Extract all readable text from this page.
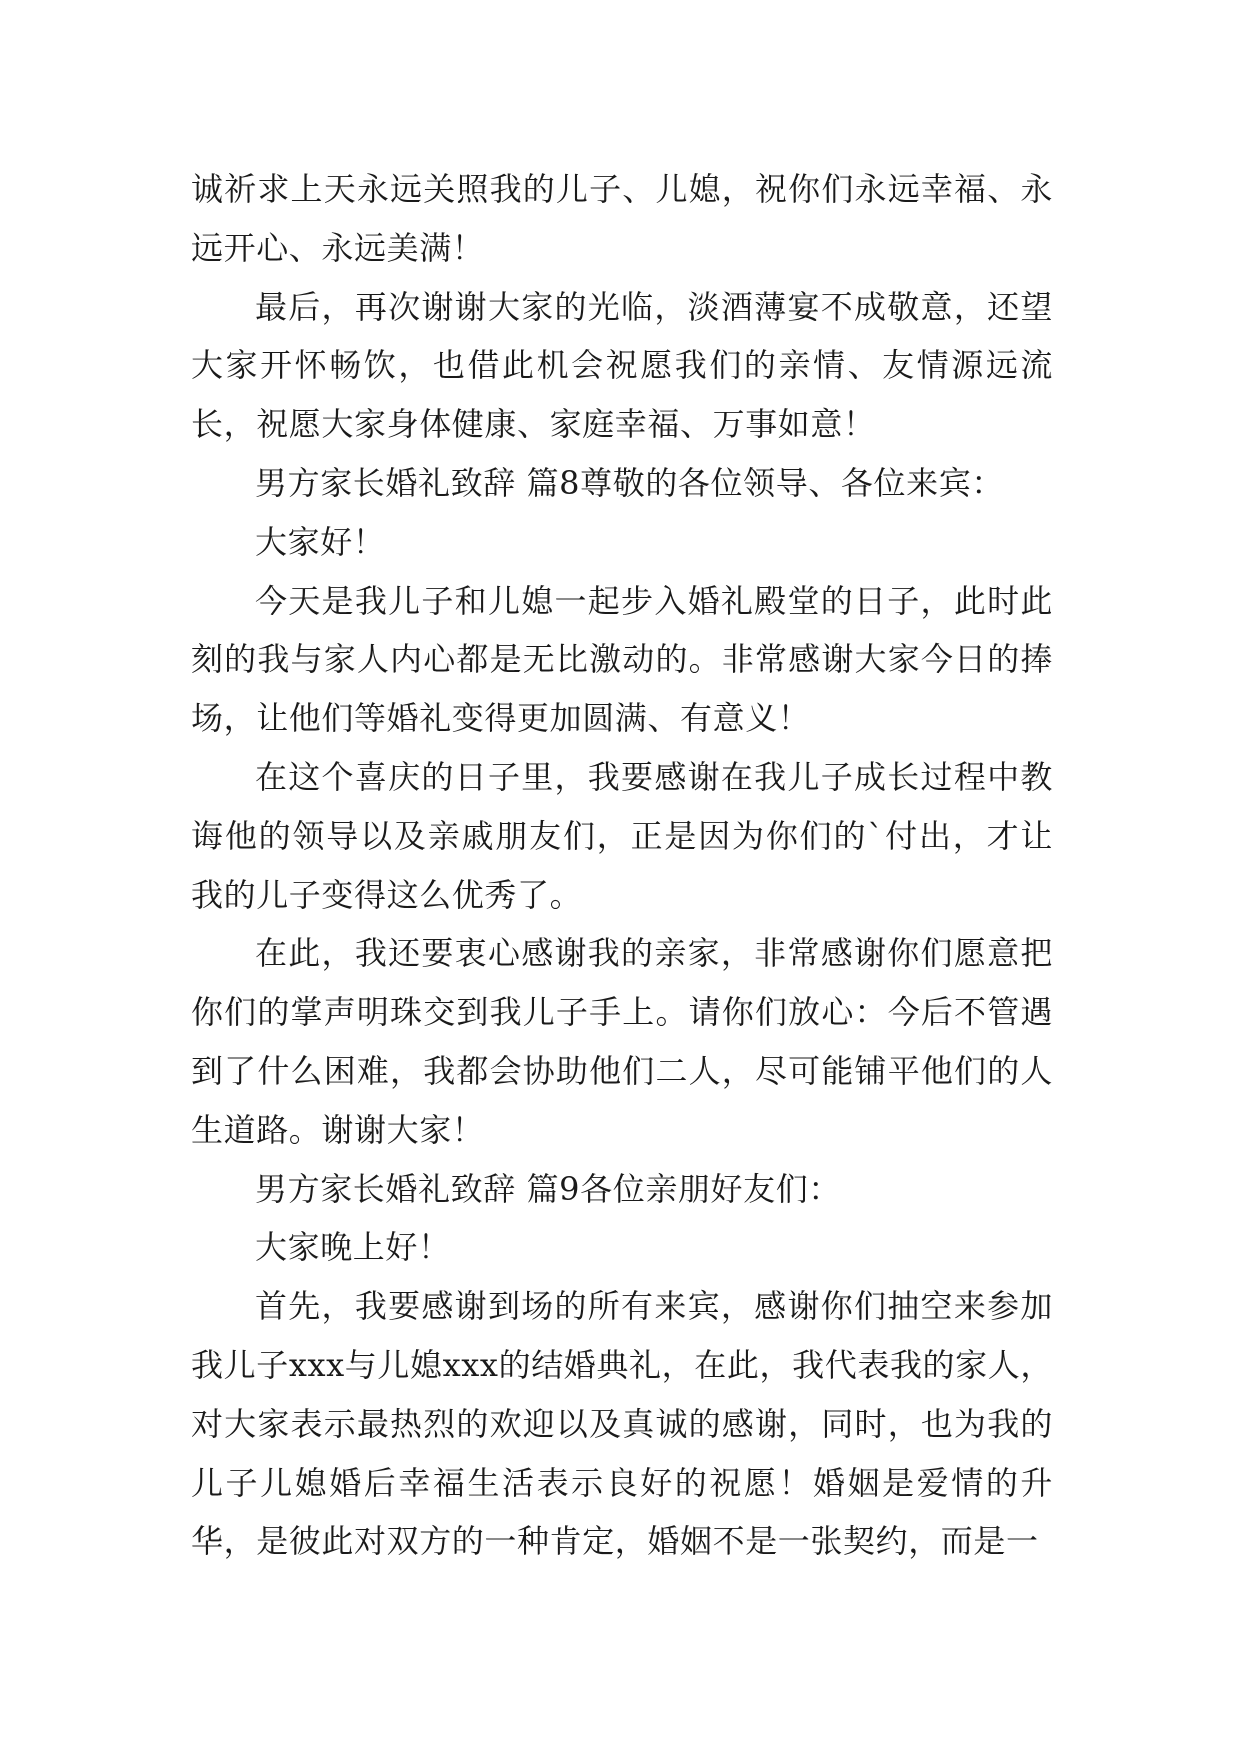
诚祈求上天永远关照我的儿子、儿媳，祝你们永远幸福、永远开心、永远美满！

最后，再次谢谢大家的光临，淡酒薄宴不成敬意，还望大家开怀畅饮，也借此机会祝愿我们的亲情、友情源远流长，祝愿大家身体健康、家庭幸福、万事如意！

男方家长婚礼致辞 篇8尊敬的各位领导、各位来宾：

大家好！

今天是我儿子和儿媳一起步入婚礼殿堂的日子，此时此刻的我与家人内心都是无比激动的。非常感谢大家今日的捧场，让他们等婚礼变得更加圆满、有意义！

在这个喜庆的日子里，我要感谢在我儿子成长过程中教诲他的领导以及亲戚朋友们，正是因为你们的`付出，才让我的儿子变得这么优秀了。

在此，我还要衷心感谢我的亲家，非常感谢你们愿意把你们的掌声明珠交到我儿子手上。请你们放心：今后不管遇到了什么困难，我都会协助他们二人，尽可能铺平他们的人生道路。谢谢大家！

男方家长婚礼致辞 篇9各位亲朋好友们：

大家晚上好！

首先，我要感谢到场的所有来宾，感谢你们抽空来参加我儿子xxx与儿媳xxx的结婚典礼，在此，我代表我的家人，对大家表示最热烈的欢迎以及真诚的感谢，同时，也为我的儿子儿媳婚后幸福生活表示良好的祝愿！婚姻是爱情的升华，是彼此对双方的一种肯定，婚姻不是一张契约，而是一
